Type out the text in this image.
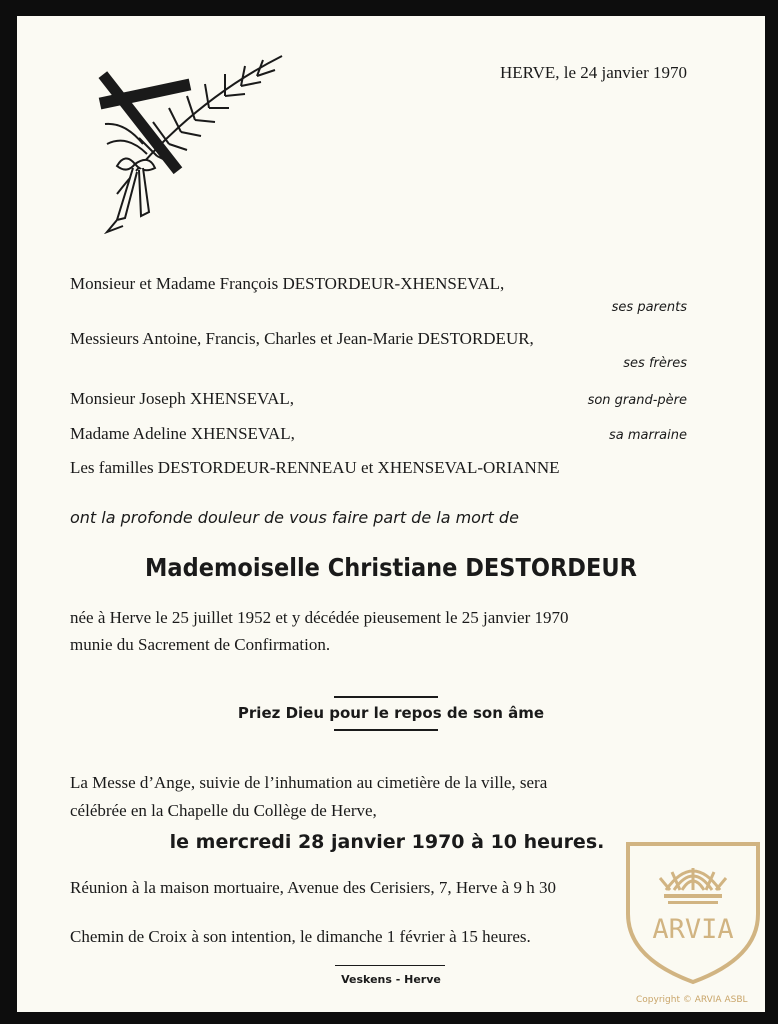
HERVE, le 24 janvier 1970
Monsieur et Madame François DESTORDEUR-XHENSEVAL,
ses parents
Messieurs Antoine, Francis, Charles et Jean-Marie DESTORDEUR,
ses frères
Monsieur Joseph XHENSEVAL,	son grand-père
Madame Adeline XHENSEVAL,	sa marraine
Les familles DESTORDEUR-RENNEAU et XHENSEVAL-ORIANNE
ont la profonde douleur de vous faire part de la mort de
Mademoiselle Christiane DESTORDEUR
née à Herve le 25 juillet 1952 et y décédée pieusement le 25 janvier 1970
munie du Sacrement de Confirmation.
Priez Dieu pour le repos de son âme
La Messe d’Ange, suivie de l’inhumation au cimetière de la ville, sera
célébrée en la Chapelle du Collège de Herve,
le mercredi 28 janvier 1970 à 10 heures.
Réunion à la maison mortuaire, Avenue des Cerisiers, 7, Herve à 9 h 30
Chemin de Croix à son intention, le dimanche 1 février à 15 heures.
Veskens - Herve
ARVIA
Copyright © ARVIA ASBL
